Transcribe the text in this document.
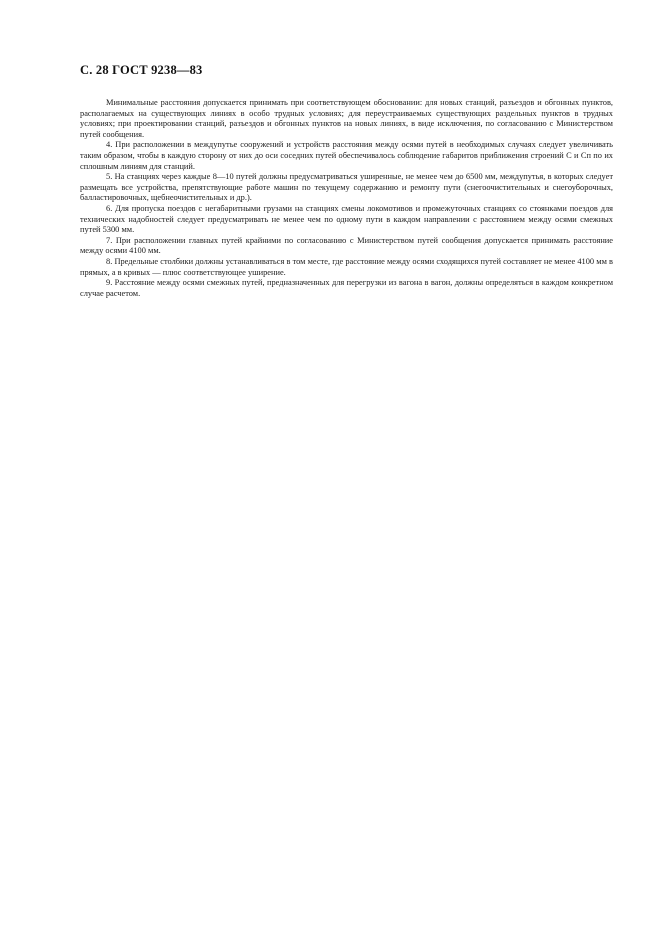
С. 28 ГОСТ 9238—83

Минимальные расстояния допускается принимать при соответствующем обосновании: для новых станций, разъездов и обгонных пунктов, располагаемых на существующих линиях в особо трудных условиях; для переустраиваемых существующих раздельных пунктов в трудных условиях; при проектировании станций, разъездов и обгонных пунктов на новых линиях, в виде исключения, по согласованию с Министерством путей сообщения.

4. При расположении в междупутье сооружений и устройств расстояния между осями путей в необходимых случаях следует увеличивать таким образом, чтобы в каждую сторону от них до оси соседних путей обеспечивалось соблюдение габаритов приближения строений С и Сп по их сплошным линиям для станций.

5. На станциях через каждые 8—10 путей должны предусматриваться уширенные, не менее чем до 6500 мм, междупутья, в которых следует размещать все устройства, препятствующие работе машин по текущему содержанию и ремонту пути (снегоочистительных и снегоуборочных, балластировочных, щебнеочистительных и др.).

6. Для пропуска поездов с негабаритными грузами на станциях смены локомотивов и промежуточных станциях со стоянками поездов для технических надобностей следует предусматривать не менее чем по одному пути в каждом направлении с расстоянием между осями смежных путей 5300 мм.

7. При расположении главных путей крайними по согласованию с Министерством путей сообщения допускается принимать расстояние между осями 4100 мм.

8. Предельные столбики должны устанавливаться в том месте, где расстояние между осями сходящихся путей составляет не менее 4100 мм в прямых, а в кривых — плюс соответствующее уширение.

9. Расстояние между осями смежных путей, предназначенных для перегрузки из вагона в вагон, должны определяться в каждом конкретном случае расчетом.
